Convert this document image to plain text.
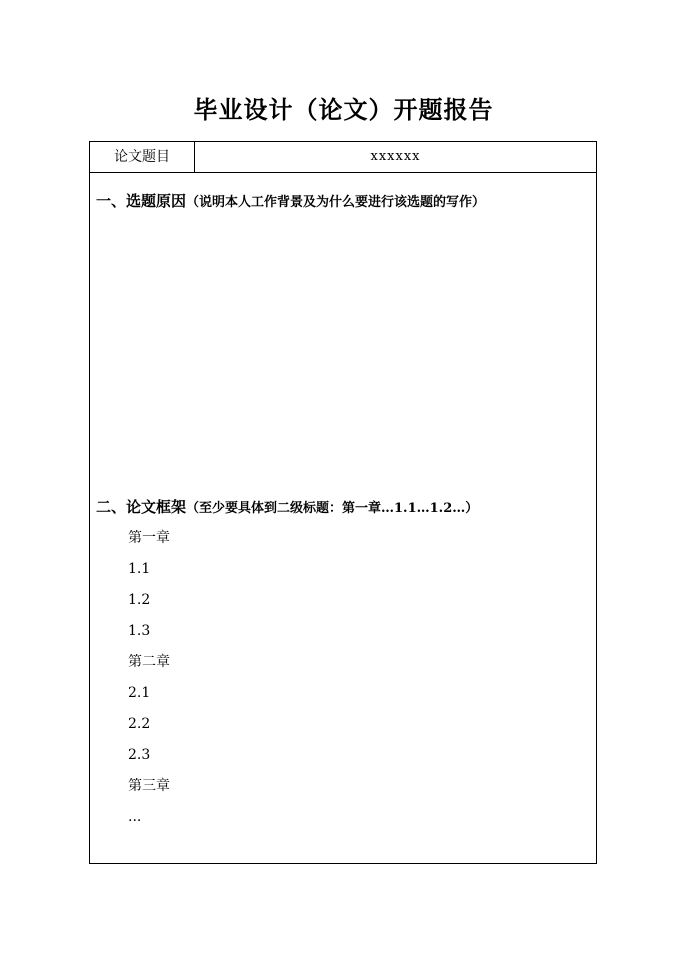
毕业设计（论文）开题报告
论文题目	xxxxxx
一、选题原因（说明本人工作背景及为什么要进行该选题的写作）
二、论文框架（至少要具体到二级标题：第一章…1.1…1.2…）
第一章
1.1
1.2
1.3
第二章
2.1
2.2
2.3
第三章
...
